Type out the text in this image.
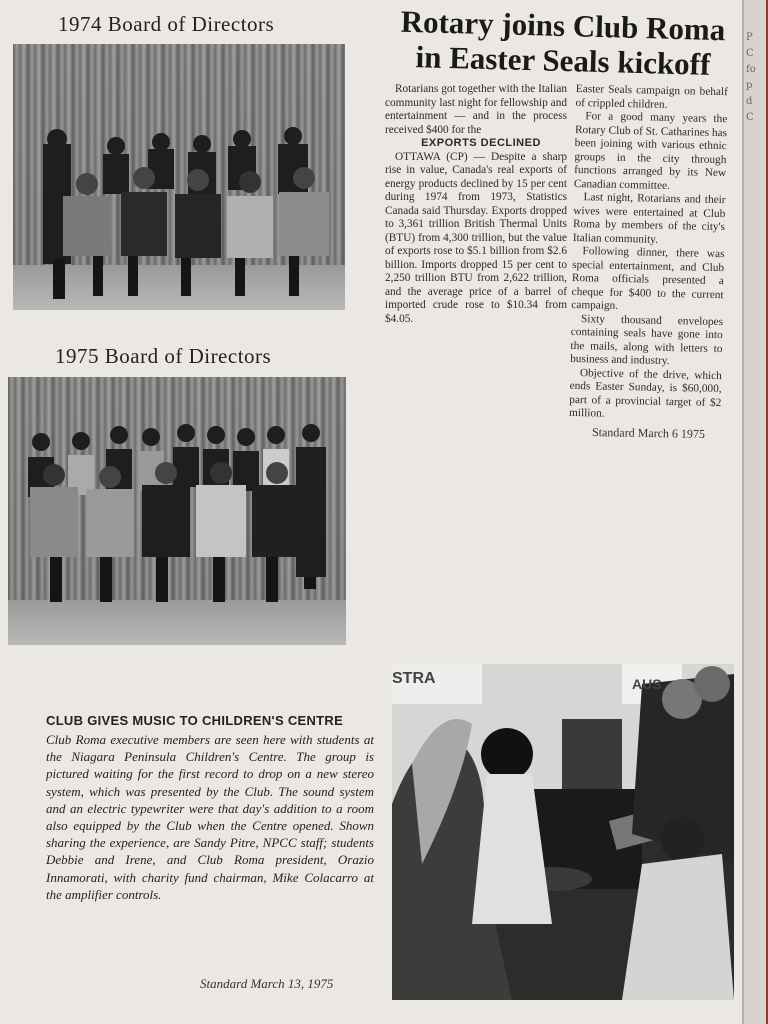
1974 Board of Directors
1975 Board of Directors
Rotary joins Club Roma
in Easter Seals kickoff

Rotarians got together with the Italian community last night for fellowship and entertainment — and in the process received $400 for the

EXPORTS DECLINED

OTTAWA (CP) — Despite a sharp rise in value, Canada's real exports of energy products declined by 15 per cent during 1974 from 1973, Statistics Canada said Thursday. Exports dropped to 3,361 trillion British Thermal Units (BTU) from 4,300 trillion, but the value of exports rose to $5.1 billion from $2.6 billion. Imports dropped 15 per cent to 2,250 trillion BTU from 2,622 trillion, and the average price of a barrel of imported crude rose to $10.34 from $4.05.

Easter Seals campaign on behalf of crippled children.

For a good many years the Rotary Club of St. Catharines has been joining with various ethnic groups in the city through functions arranged by its New Canadian committee.

Last night, Rotarians and their wives were entertained at Club Roma by members of the city's Italian community.

Following dinner, there was special entertainment, and Club Roma officials presented a cheque for $400 to the current campaign.

Sixty thousand envelopes containing seals have gone into the mails, along with letters to business and industry.

Objective of the drive, which ends Easter Sunday, is $60,000, part of a provincial target of $2 million.

Standard March 6 1975
CLUB GIVES MUSIC TO CHILDREN'S CENTRE
Club Roma executive members are seen here with students at the Niagara Peninsula Children's Centre. The group is pictured waiting for the first record to drop on a new stereo system, which was presented by the Club. The sound system and an electric typewriter were that day's addition to a room also equipped by the Club when the Centre opened. Shown sharing the experience, are Sandy Pitre, NPCC staff; students Debbie and Irene, and Club Roma president, Orazio Innamorati, with charity fund chairman, Mike Colacarro at the amplifier controls.
Standard March 13, 1975
STRA	AUS
P
C
fo
p
d
C
